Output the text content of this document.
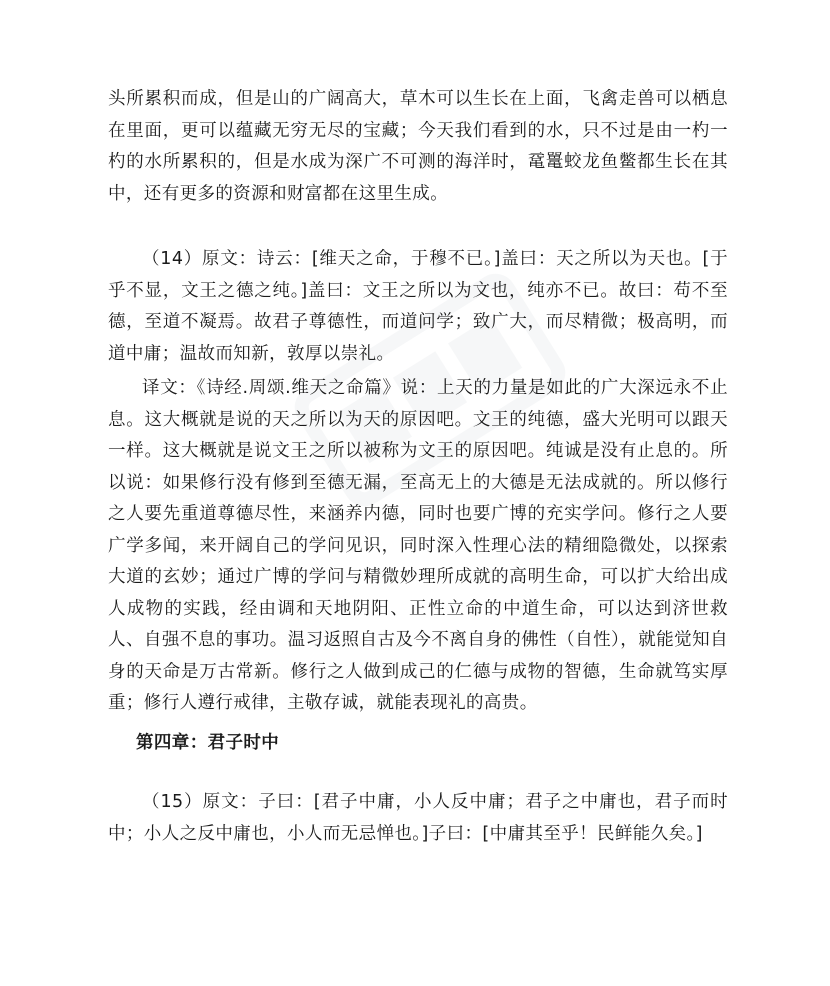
头所累积而成，但是山的广阔高大，草木可以生长在上面，飞禽走兽可以栖息在里面，更可以蕴藏无穷无尽的宝藏；今天我们看到的水，只不过是由一杓一杓的水所累积的，但是水成为深广不可测的海洋时，鼋鼍蛟龙鱼鳖都生长在其中，还有更多的资源和财富都在这里生成。

（14）原文：诗云：[维天之命，于穆不已。]盖曰：天之所以为天也。[于乎不显，文王之德之纯。]盖曰：文王之所以为文也，纯亦不已。故曰：苟不至德，至道不凝焉。故君子尊德性，而道问学；致广大，而尽精微；极高明，而道中庸；温故而知新，敦厚以崇礼。

译文：《诗经.周颂.维天之命篇》说：上天的力量是如此的广大深远永不止息。这大概就是说的天之所以为天的原因吧。文王的纯德，盛大光明可以跟天一样。这大概就是说文王之所以被称为文王的原因吧。纯诚是没有止息的。所以说：如果修行没有修到至德无漏，至高无上的大德是无法成就的。所以修行之人要先重道尊德尽性，来涵养内德，同时也要广博的充实学问。修行之人要广学多闻，来开阔自己的学问见识，同时深入性理心法的精细隐微处，以探索大道的玄妙；通过广博的学问与精微妙理所成就的高明生命，可以扩大给出成人成物的实践，经由调和天地阴阳、正性立命的中道生命，可以达到济世救人、自强不息的事功。温习返照自古及今不离自身的佛性（自性），就能觉知自身的天命是万古常新。修行之人做到成己的仁德与成物的智德，生命就笃实厚重；修行人遵行戒律，主敬存诚，就能表现礼的高贵。

第四章：君子时中

（15）原文：子曰：[君子中庸，小人反中庸；君子之中庸也，君子而时中；小人之反中庸也，小人而无忌惮也。]子曰：[中庸其至乎！民鲜能久矣。]
